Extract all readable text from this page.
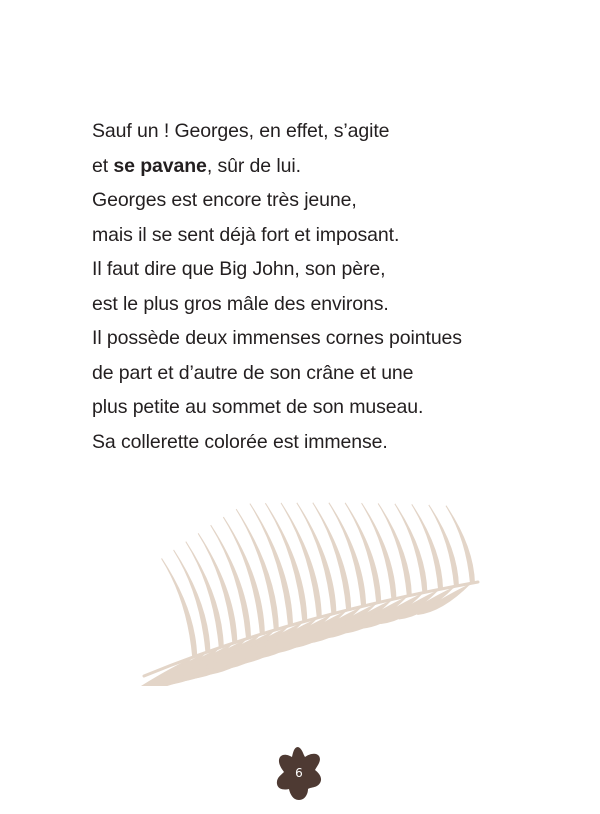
Sauf un ! Georges, en effet, s’agite
et se pavane, sûr de lui.
Georges est encore très jeune,
mais il se sent déjà fort et imposant.
Il faut dire que Big John, son père,
est le plus gros mâle des environs.
Il possède deux immenses cornes pointues
de part et d’autre de son crâne et une
plus petite au sommet de son museau.
Sa collerette colorée est immense.
6
